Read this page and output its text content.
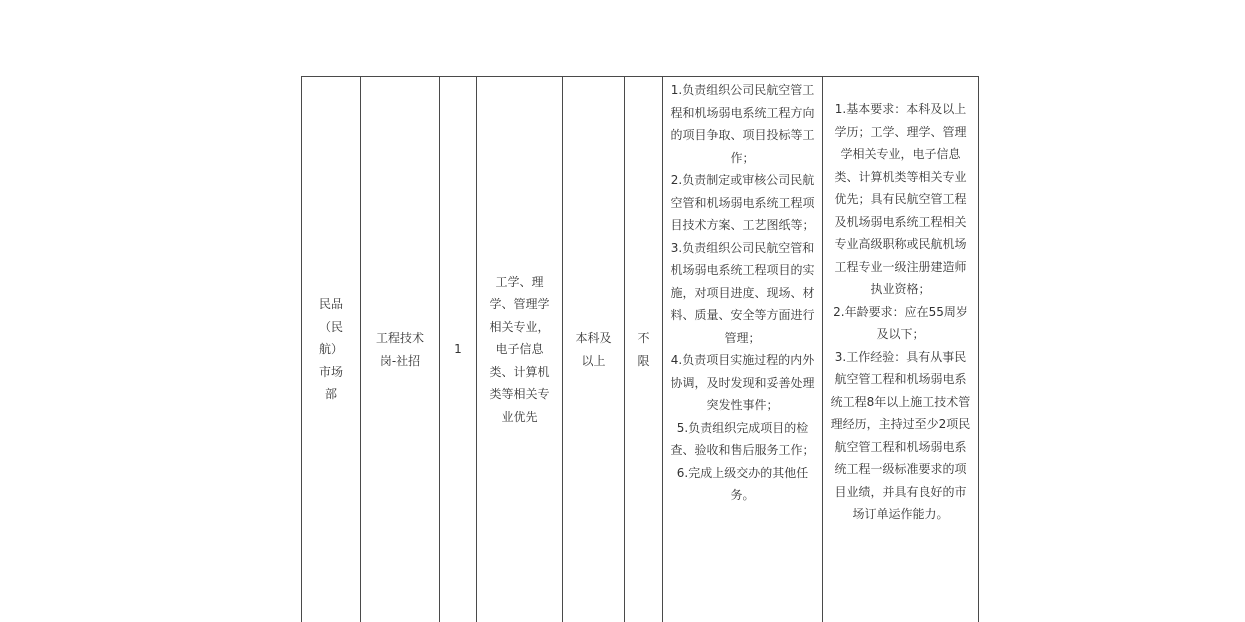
民品（民航）市场部

工程技术岗-社招

1

工学、理学、管理学相关专业，电子信息类、计算机类等相关专业优先

本科及以上

不限

1.负责组织公司民航空管工程和机场弱电系统工程方向的项目争取、项目投标等工作；
2.负责制定或审核公司民航空管和机场弱电系统工程项目技术方案、工艺图纸等；
3.负责组织公司民航空管和机场弱电系统工程项目的实施，对项目进度、现场、材料、质量、安全等方面进行管理；
4.负责项目实施过程的内外协调，及时发现和妥善处理突发性事件；
5.负责组织完成项目的检查、验收和售后服务工作；
6.完成上级交办的其他任务。

1.基本要求：本科及以上学历；工学、理学、管理学相关专业，电子信息类、计算机类等相关专业优先；具有民航空管工程及机场弱电系统工程相关专业高级职称或民航机场工程专业一级注册建造师执业资格；
2.年龄要求：应在55周岁及以下；
3.工作经验：具有从事民航空管工程和机场弱电系统工程8年以上施工技术管理经历，主持过至少2项民航空管工程和机场弱电系统工程一级标准要求的项目业绩，并具有良好的市场订单运作能力。
